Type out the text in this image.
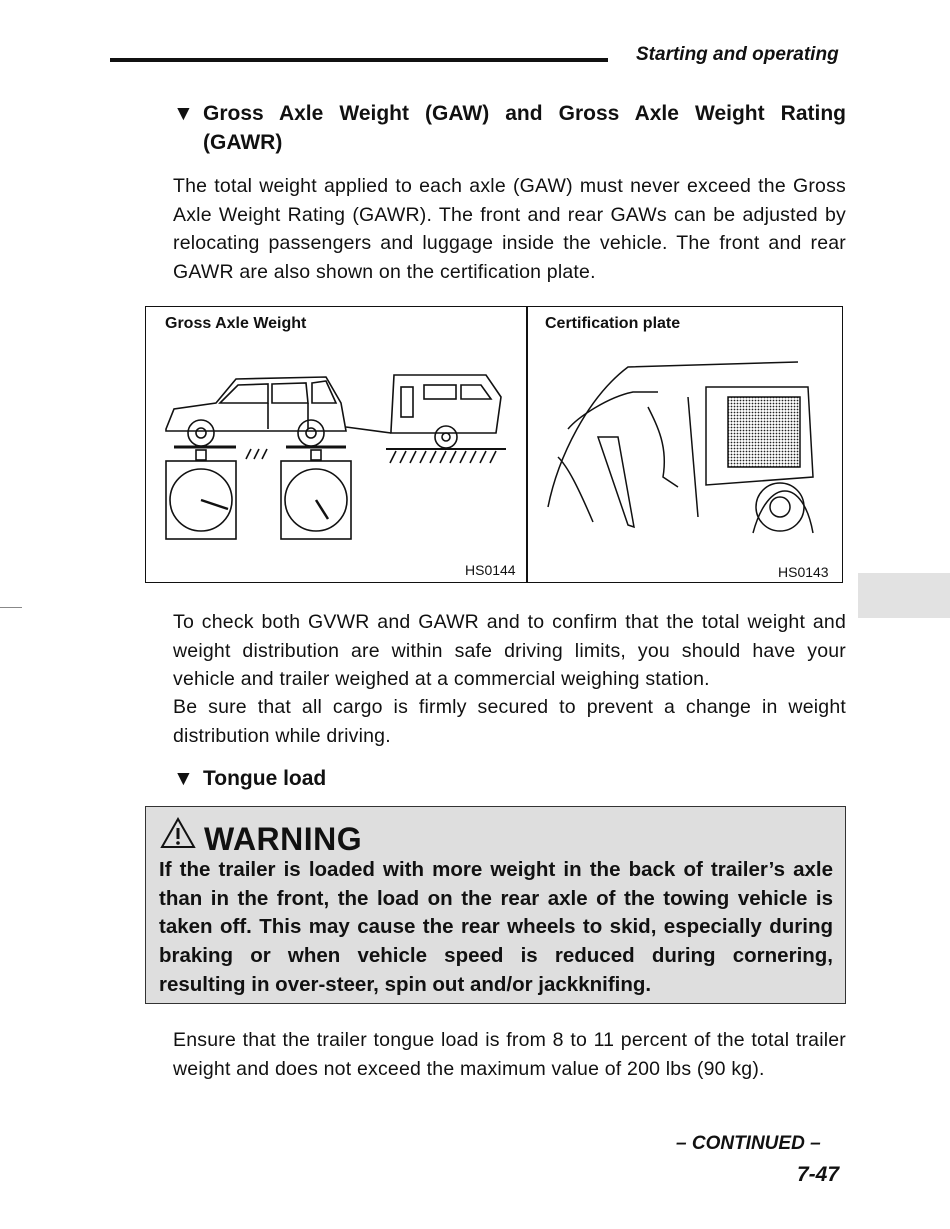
Starting and operating
▼ Gross Axle Weight (GAW) and Gross Axle Weight Rating (GAWR)
The total weight applied to each axle (GAW) must never exceed the Gross Axle Weight Rating (GAWR). The front and rear GAWs can be adjusted by relocating passengers and luggage inside the vehicle. The front and rear GAWR are also shown on the certification plate.
Gross Axle Weight	Certification plate
HS0144	HS0143
To check both GVWR and GAWR and to confirm that the total weight and weight distribution are within safe driving limits, you should have your vehicle and trailer weighed at a commercial weighing station.
Be sure that all cargo is firmly secured to prevent a change in weight distribution while driving.
▼ Tongue load
WARNING
If the trailer is loaded with more weight in the back of trailer’s axle than in the front, the load on the rear axle of the towing vehicle is taken off. This may cause the rear wheels to skid, especially during braking or when vehicle speed is reduced during cornering, resulting in over-steer, spin out and/or jackknifing.
Ensure that the trailer tongue load is from 8 to 11 percent of the total trailer weight and does not exceed the maximum value of 200 lbs (90 kg).
– CONTINUED –
7-47
